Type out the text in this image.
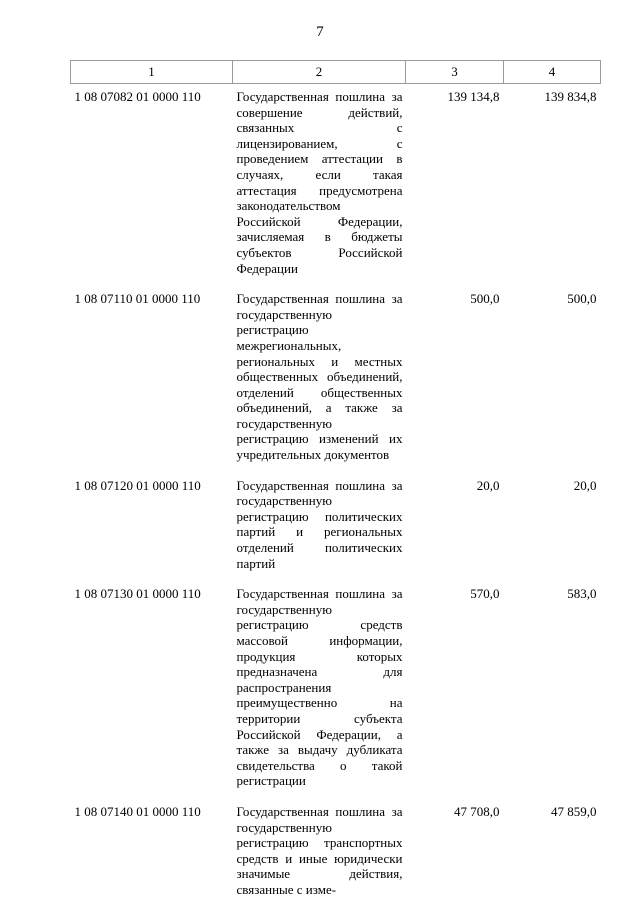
7
1	2	3	4
1 08 07082 01 0000 110	Государственная пошлина за совершение действий, связанных с лицензированием, с проведением аттестации в случаях, если такая аттестация предусмотрена законодательством Российской Федерации, зачисляемая в бюджеты субъектов Российской Федерации	139 134,8	139 834,8
1 08 07110 01 0000 110	Государственная пошлина за государственную регистрацию межрегиональных, региональных и местных общественных объединений, отделений общественных объединений, а также за государственную регистрацию изменений их учредительных документов	500,0	500,0
1 08 07120 01 0000 110	Государственная пошлина за государственную регистрацию политических партий и региональных отделений политических партий	20,0	20,0
1 08 07130 01 0000 110	Государственная пошлина за государственную регистрацию средств массовой информации, продукция которых предназначена для распространения преимущественно на территории субъекта Российской Федерации, а также за выдачу дубликата свидетельства о такой регистрации	570,0	583,0
1 08 07140 01 0000 110	Государственная пошлина за государственную регистрацию транспортных средств и иные юридически значимые действия, связанные с изме-	47 708,0	47 859,0
